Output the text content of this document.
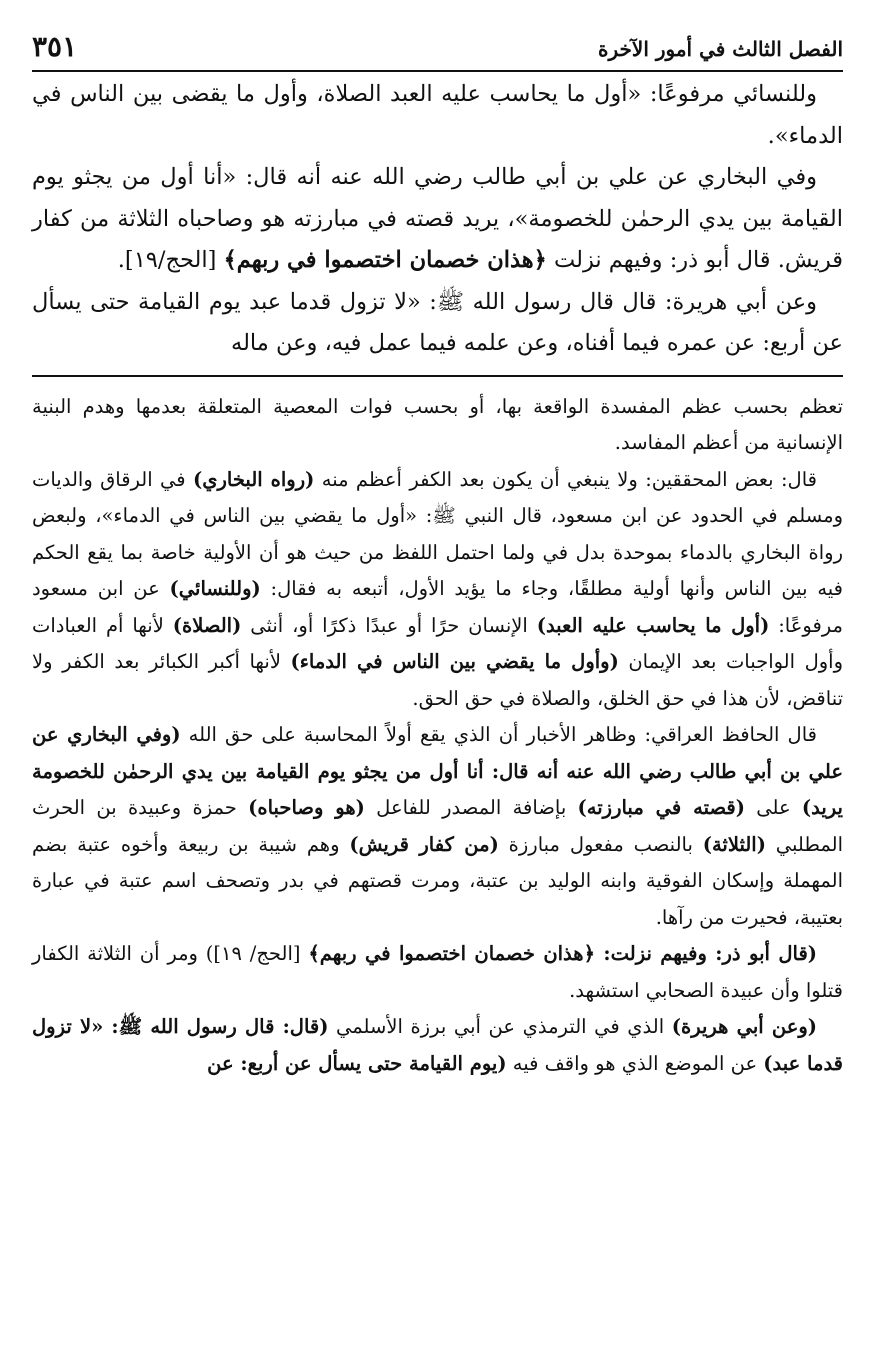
الفصل الثالث في أمور الآخرة
٣٥١

وللنسائي مرفوعًا: «أول ما يحاسب عليه العبد الصلاة، وأول ما يقضى بين الناس في الدماء».

وفي البخاري عن علي بن أبي طالب رضي الله عنه أنه قال: «أنا أول من يجثو يوم القيامة بين يدي الرحمٰن للخصومة»، يريد قصته في مبارزته هو وصاحباه الثلاثة من كفار قريش. قال أبو ذر: وفيهم نزلت ﴿هذان خصمان اختصموا في ربهم﴾ [الحج/١٩].

وعن أبي هريرة: قال قال رسول الله ﷺ: «لا تزول قدما عبد يوم القيامة حتى يسأل عن أربع: عن عمره فيما أفناه، وعن علمه فيما عمل فيه، وعن ماله

تعظم بحسب عظم المفسدة الواقعة بها، أو بحسب فوات المعصية المتعلقة بعدمها وهدم البنية الإنسانية من أعظم المفاسد.

قال: بعض المحققين: ولا ينبغي أن يكون بعد الكفر أعظم منه (رواه البخاري) في الرقاق والديات ومسلم في الحدود عن ابن مسعود، قال النبي ﷺ: «أول ما يقضي بين الناس في الدماء»، ولبعض رواة البخاري بالدماء بموحدة بدل في ولما احتمل اللفظ من حيث هو أن الأولية خاصة بما يقع الحكم فيه بين الناس وأنها أولية مطلقًا، وجاء ما يؤيد الأول، أتبعه به فقال: (وللنسائي) عن ابن مسعود مرفوعًا: (أول ما يحاسب عليه العبد) الإنسان حرًا أو عبدًا ذكرًا أو، أنثى (الصلاة) لأنها أم العبادات وأول الواجبات بعد الإيمان (وأول ما يقضي بين الناس في الدماء) لأنها أكبر الكبائر بعد الكفر ولا تناقض، لأن هذا في حق الخلق، والصلاة في حق الحق.

قال الحافظ العراقي: وظاهر الأخبار أن الذي يقع أولاً المحاسبة على حق الله (وفي البخاري عن علي بن أبي طالب رضي الله عنه أنه قال: أنا أول من يجثو يوم القيامة بين يدي الرحمٰن للخصومة يريد) على (قصته في مبارزته) بإضافة المصدر للفاعل (هو وصاحباه) حمزة وعبيدة بن الحرث المطلبي (الثلاثة) بالنصب مفعول مبارزة (من كفار قريش) وهم شيبة بن ربيعة وأخوه عتبة بضم المهملة وإسكان الفوقية وابنه الوليد بن عتبة، ومرت قصتهم في بدر وتصحف اسم عتبة في عبارة بعتيبة، فحيرت من رآها.

(قال أبو ذر: وفيهم نزلت: ﴿هذان خصمان اختصموا في ربهم﴾ [الحج/ ١٩]) ومر أن الثلاثة الكفار قتلوا وأن عبيدة الصحابي استشهد.

(وعن أبي هريرة) الذي في الترمذي عن أبي برزة الأسلمي (قال: قال رسول الله ﷺ: «لا تزول قدما عبد) عن الموضع الذي هو واقف فيه (يوم القيامة حتى يسأل عن أربع: عن
